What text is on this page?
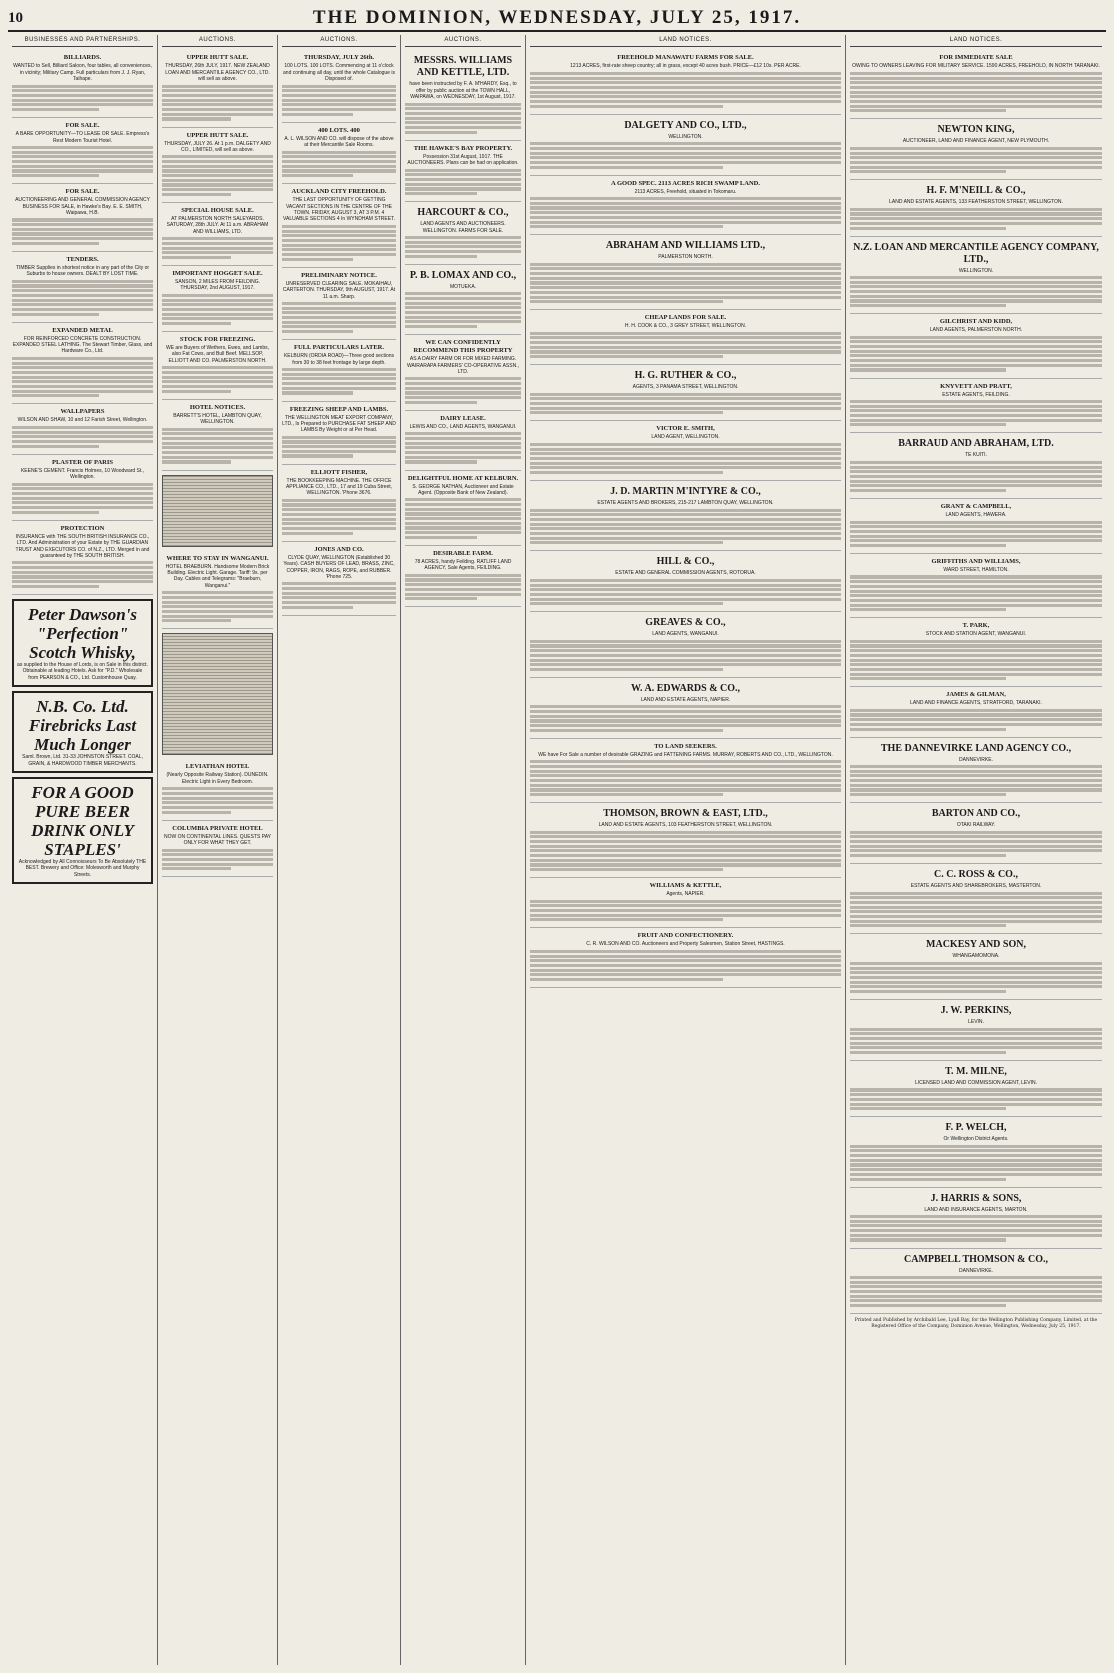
10	THE DOMINION, WEDNESDAY, JULY 25, 1917.
BUSINESSES AND PARTNERSHIPS.
BILLIARDS.
WANTED to Sell, Billiard Saloon, four tables, all conveniences, in vicinity; Military Camp. Full particulars from J. J. Ryan, Taihape.
FOR SALE.
A BARE OPPORTUNITY—TO LEASE OR SALE. Empress's Rest Modern Tourist Hotel.
FOR SALE.
AUCTIONEERING AND GENERAL COMMISSION AGENCY BUSINESS FOR SALE, in Hawke's Bay. E. E. SMITH, Waipawa, H.B.
TENDERS.
TIMBER Supplies in shortest notice in any part of the City or Suburbs to house owners. DEALT BY LOST TIME.
EXPANDED METAL
FOR REINFORCED CONCRETE CONSTRUCTION. EXPANDED STEEL LATHING. The Stewart Timber, Glass, and Hardware Co., Ltd.
WALLPAPERS
WILSON AND SHAW, 10 and 12 Farish Street, Wellington.
PLASTER OF PARIS
KEENE'S CEMENT. Francis Holmes, 10 Woodward St., Wellington.
PROTECTION
INSURANCE with THE SOUTH BRITISH INSURANCE CO., LTD. And Administration of your Estate by THE GUARDIAN TRUST AND EXECUTORS CO. of N.Z., LTD. Merged in and guaranteed by THE SOUTH BRITISH.
Peter Dawson's "Perfection" Scotch Whisky,
as supplied to the House of Lords, is on Sale in this district. Obtainable at leading Hotels. Ask for "P.D." Wholesale from PEARSON & CO., Ltd. Customhouse Quay.
N.B. Co. Ltd. Firebricks Last Much Longer
Saml. Brown, Ltd. 31-33 JOHNSTON STREET. COAL, GRAIN, & HARDWOOD TIMBER MERCHANTS.
FOR A GOOD PURE BEER DRINK ONLY STAPLES'
Acknowledged by All Connoisseurs To Be Absolutely THE BEST. Brewery and Office: Molesworth and Murphy Streets.
AUCTIONS.
UPPER HUTT SALE.
THURSDAY, 26th JULY, 1917. NEW ZEALAND LOAN AND MERCANTILE AGENCY CO., LTD. will sell as above.
UPPER HUTT SALE.
THURSDAY, JULY 26. At 1 p.m. DALGETY AND CO., LIMITED, will sell as above.
SPECIAL HOUSE SALE.
AT PALMERSTON NORTH SALEYARDS. SATURDAY, 28th JULY. At 11 a.m. ABRAHAM AND WILLIAMS, LTD.
IMPORTANT HOGGET SALE.
SANSON, 2 MILES FROM FEILDING. THURSDAY, 2nd AUGUST, 1917.
STOCK FOR FREEZING.
WE are Buyers of Wethers, Ewes, and Lambs, also Fat Cows, and Bull Beef. MELLSOP, ELLIOTT AND CO. PALMERSTON NORTH.
HOTEL NOTICES.
BARRETT'S HOTEL, LAMBTON QUAY, WELLINGTON.
WHERE TO STAY IN WANGANUI.
HOTEL BRAEBURN. Handsome Modern Brick Building. Electric Light. Garage. Tariff: 9s. per Day. Cables and Telegrams: "Braeburn, Wanganui."
LEVIATHAN HOTEL
(Nearly Opposite Railway Station). DUNEDIN. Electric Light in Every Bedroom.
COLUMBIA PRIVATE HOTEL
NOW ON CONTINENTAL LINES. QUESTS PAY ONLY FOR WHAT THEY GET.
AUCTIONS.
THURSDAY, JULY 26th.
100 LOTS. 100 LOTS. Commencing at 11 o'clock and continuing all day, until the whole Catalogue is Disposed of.
400 LOTS. 400
A. L. WILSON AND CO. will dispose of the above at their Mercantile Sale Rooms.
AUCKLAND CITY FREEHOLD.
THE LAST OPPORTUNITY OF GETTING VACANT SECTIONS IN THE CENTRE OF THE TOWN. FRIDAY, AUGUST 3, AT 3 P.M. 4 VALUABLE SECTIONS 4 In WYNDHAM STREET.
PRELIMINARY NOTICE.
UNRESERVED CLEARING SALE. MOKAIHAU, CARTERTON. THURSDAY, 9th AUGUST, 1917. At 11 a.m. Sharp.
FULL PARTICULARS LATER.
KELBURN (ORDIA ROAD)—Three good sections from 30 to 38 feet frontage by large depth.
FREEZING SHEEP AND LAMBS.
THE WELLINGTON MEAT EXPORT COMPANY, LTD., Is Prepared to PURCHASE FAT SHEEP AND LAMBS By Weight or at Per Head.
ELLIOTT FISHER,
THE BOOKKEEPING MACHINE. THE OFFICE APPLIANCE CO., LTD., 17 and 19 Cuba Street, WELLINGTON. 'Phone 3676.
JONES AND CO.
CLYDE QUAY, WELLINGTON (Established 30 Years). CASH BUYERS OF LEAD, BRASS, ZINC, COPPER, IRON, RAGS, ROPE, and RUBBER. 'Phone 725.
AUCTIONS.
MESSRS. WILLIAMS AND KETTLE, LTD.
have been instructed by F. A. M'HARDY, Esq., to offer by public auction at the TOWN HALL, WAIPAWA, on WEDNESDAY, 1st August, 1917.
THE HAWKE'S BAY PROPERTY.
Possession 31st August, 1917. THE AUCTIONEERS. Plans can be had on application.
HARCOURT & CO.,
LAND AGENTS AND AUCTIONEERS. WELLINGTON. FARMS FOR SALE.
P. B. LOMAX AND CO.,
MOTUEKA.
WE CAN CONFIDENTLY RECOMMEND THIS PROPERTY
AS A DAIRY FARM OR FOR MIXED FARMING. WAIRARAPA FARMERS' CO-OPERATIVE ASSN., LTD.
DAIRY LEASE.
LEWIS AND CO., LAND AGENTS, WANGANUI.
DELIGHTFUL HOME AT KELBURN.
S. GEORGE NATHAN, Auctioneer and Estate Agent. (Opposite Bank of New Zealand).
DESIRABLE FARM.
78 ACRES, handy Feilding. RATLIFF LAND AGENCY, Sale Agents, FEILDING.
LAND NOTICES.
FREEHOLD MANAWATU FARMS FOR SALE.
1213 ACRES, first-rate sheep country; all in grass, except 40 acres bush. PRICE—£12 10s. PER ACRE.
DALGETY AND CO., LTD.,
WELLINGTON.
A GOOD SPEC. 2113 ACRES RICH SWAMP LAND.
2113 ACRES, Freehold, situated in Tokomaru.
ABRAHAM AND WILLIAMS LTD.,
PALMERSTON NORTH.
CHEAP LANDS FOR SALE.
H. H. COOK & CO., 3 GREY STREET, WELLINGTON.
H. G. RUTHER & CO.,
AGENTS, 3 PANAMA STREET, WELLINGTON.
VICTOR E. SMITH,
LAND AGENT, WELLINGTON.
J. D. MARTIN M'INTYRE & CO.,
ESTATE AGENTS AND BROKERS, 215-217 LAMBTON QUAY, WELLINGTON.
HILL & CO.,
ESTATE AND GENERAL COMMISSION AGENTS, ROTORUA.
GREAVES & CO.,
LAND AGENTS, WANGANUI.
W. A. EDWARDS & CO.,
LAND AND ESTATE AGENTS, NAPIER.
TO LAND SEEKERS.
WE have For Sale a number of desirable GRAZING and FATTENING FARMS. MURRAY, ROBERTS AND CO., LTD., WELLINGTON.
THOMSON, BROWN & EAST, LTD.,
LAND AND ESTATE AGENTS, 103 FEATHERSTON STREET, WELLINGTON.
WILLIAMS & KETTLE,
Agents, NAPIER.
FRUIT AND CONFECTIONERY.
C. R. WILSON AND CO. Auctioneers and Property Salesmen, Station Street, HASTINGS.
LAND NOTICES.
FOR IMMEDIATE SALE
OWING TO OWNERS LEAVING FOR MILITARY SERVICE. 1590 ACRES, FREEHOLD, IN NORTH TARANAKI.
NEWTON KING,
AUCTIONEER, LAND AND FINANCE AGENT, NEW PLYMOUTH.
H. F. M'NEILL & CO.,
LAND AND ESTATE AGENTS, 133 FEATHERSTON STREET, WELLINGTON.
N.Z. LOAN AND MERCANTILE AGENCY COMPANY, LTD.,
WELLINGTON.
GILCHRIST AND KIDD,
LAND AGENTS, PALMERSTON NORTH.
KNYVETT AND PRATT,
ESTATE AGENTS, FEILDING.
BARRAUD AND ABRAHAM, LTD.
TE KUITI.
GRANT & CAMPBELL,
LAND AGENTS, HAWERA.
GRIFFITHS AND WILLIAMS,
WARD STREET, HAMILTON.
T. PARK,
STOCK AND STATION AGENT, WANGANUI.
JAMES & GILMAN,
LAND AND FINANCE AGENTS, STRATFORD, TARANAKI.
THE DANNEVIRKE LAND AGENCY CO.,
DANNEVIRKE.
BARTON AND CO.,
OTAKI RAILWAY.
C. C. ROSS & CO.,
ESTATE AGENTS AND SHAREBROKERS, MASTERTON.
MACKESY AND SON,
WHANGAMOMONA.
J. W. PERKINS,
LEVIN.
T. M. MILNE,
LICENSED LAND AND COMMISSION AGENT, LEVIN.
F. P. WELCH,
Or Wellington District Agents.
J. HARRIS & SONS,
LAND AND INSURANCE AGENTS, MARTON.
CAMPBELL THOMSON & CO.,
DANNEVIRKE.
Printed and Published by Archibald Lee, Lyall Bay, for the Wellington Publishing Company, Limited, at the Registered Office of the Company, Dominion Avenue, Wellington, Wednesday, July 25, 1917.
